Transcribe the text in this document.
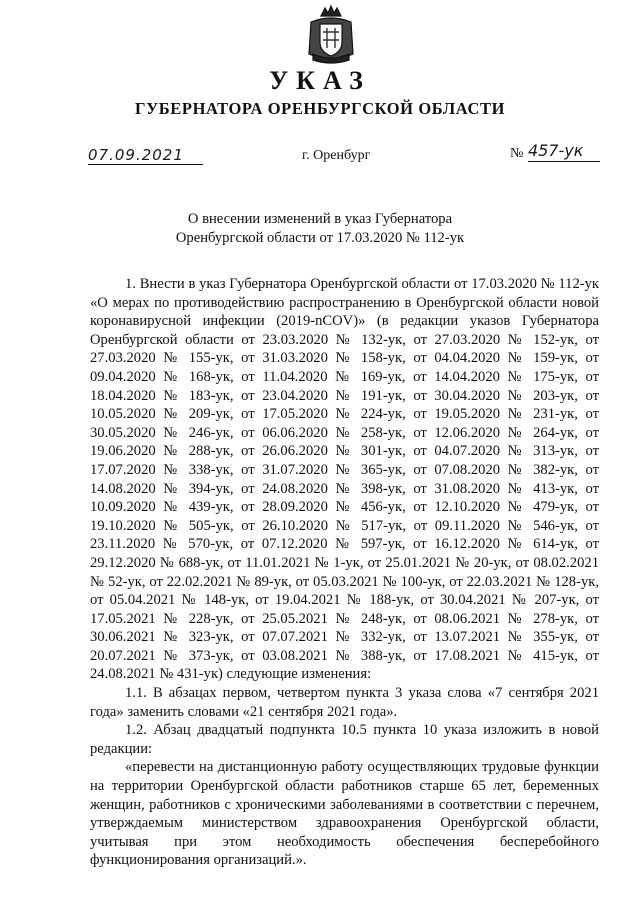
УКАЗ
ГУБЕРНАТОРА ОРЕНБУРГСКОЙ ОБЛАСТИ
07.09.2021	г. Оренбург	№ 457-ук
О внесении изменений в указ Губернатора
Оренбургской области от 17.03.2020 № 112-ук

1. Внести в указ Губернатора Оренбургской области от 17.03.2020 № 112-ук «О мерах по противодействию распространению в Оренбургской области новой коронавирусной инфекции (2019-nCOV)» (в редакции указов Губернатора Оренбургской области от 23.03.2020 № 132-ук, от 27.03.2020 № 152-ук, от 27.03.2020 № 155-ук, от 31.03.2020 № 158-ук, от 04.04.2020 № 159-ук, от 09.04.2020 № 168-ук, от 11.04.2020 № 169-ук, от 14.04.2020 № 175-ук, от 18.04.2020 № 183-ук, от 23.04.2020 № 191-ук, от 30.04.2020 № 203-ук, от 10.05.2020 № 209-ук, от 17.05.2020 № 224-ук, от 19.05.2020 № 231-ук, от 30.05.2020 № 246-ук, от 06.06.2020 № 258-ук, от 12.06.2020 № 264-ук, от 19.06.2020 № 288-ук, от 26.06.2020 № 301-ук, от 04.07.2020 № 313-ук, от 17.07.2020 № 338-ук, от 31.07.2020 № 365-ук, от 07.08.2020 № 382-ук, от 14.08.2020 № 394-ук, от 24.08.2020 № 398-ук, от 31.08.2020 № 413-ук, от 10.09.2020 № 439-ук, от 28.09.2020 № 456-ук, от 12.10.2020 № 479-ук, от 19.10.2020 № 505-ук, от 26.10.2020 № 517-ук, от 09.11.2020 № 546-ук, от 23.11.2020 № 570-ук, от 07.12.2020 № 597-ук, от 16.12.2020 № 614-ук, от 29.12.2020 № 688-ук, от 11.01.2021 № 1-ук, от 25.01.2021 № 20-ук, от 08.02.2021 № 52-ук, от 22.02.2021 № 89-ук, от 05.03.2021 № 100-ук, от 22.03.2021 № 128-ук, от 05.04.2021 № 148-ук, от 19.04.2021 № 188-ук, от 30.04.2021 № 207-ук, от 17.05.2021 № 228-ук, от 25.05.2021 № 248-ук, от 08.06.2021 № 278-ук, от 30.06.2021 № 323-ук, от 07.07.2021 № 332-ук, от 13.07.2021 № 355-ук, от 20.07.2021 № 373-ук, от 03.08.2021 № 388-ук, от 17.08.2021 № 415-ук, от 24.08.2021 № 431-ук) следующие изменения:

1.1. В абзацах первом, четвертом пункта 3 указа слова «7 сентября 2021 года» заменить словами «21 сентября 2021 года».

1.2. Абзац двадцатый подпункта 10.5 пункта 10 указа изложить в новой редакции:

«перевести на дистанционную работу осуществляющих трудовые функции на территории Оренбургской области работников старше 65 лет, беременных женщин, работников с хроническими заболеваниями в соответствии с перечнем, утверждаемым министерством здравоохранения Оренбургской области, учитывая при этом необходимость обеспечения бесперебойного функционирования организаций.».
